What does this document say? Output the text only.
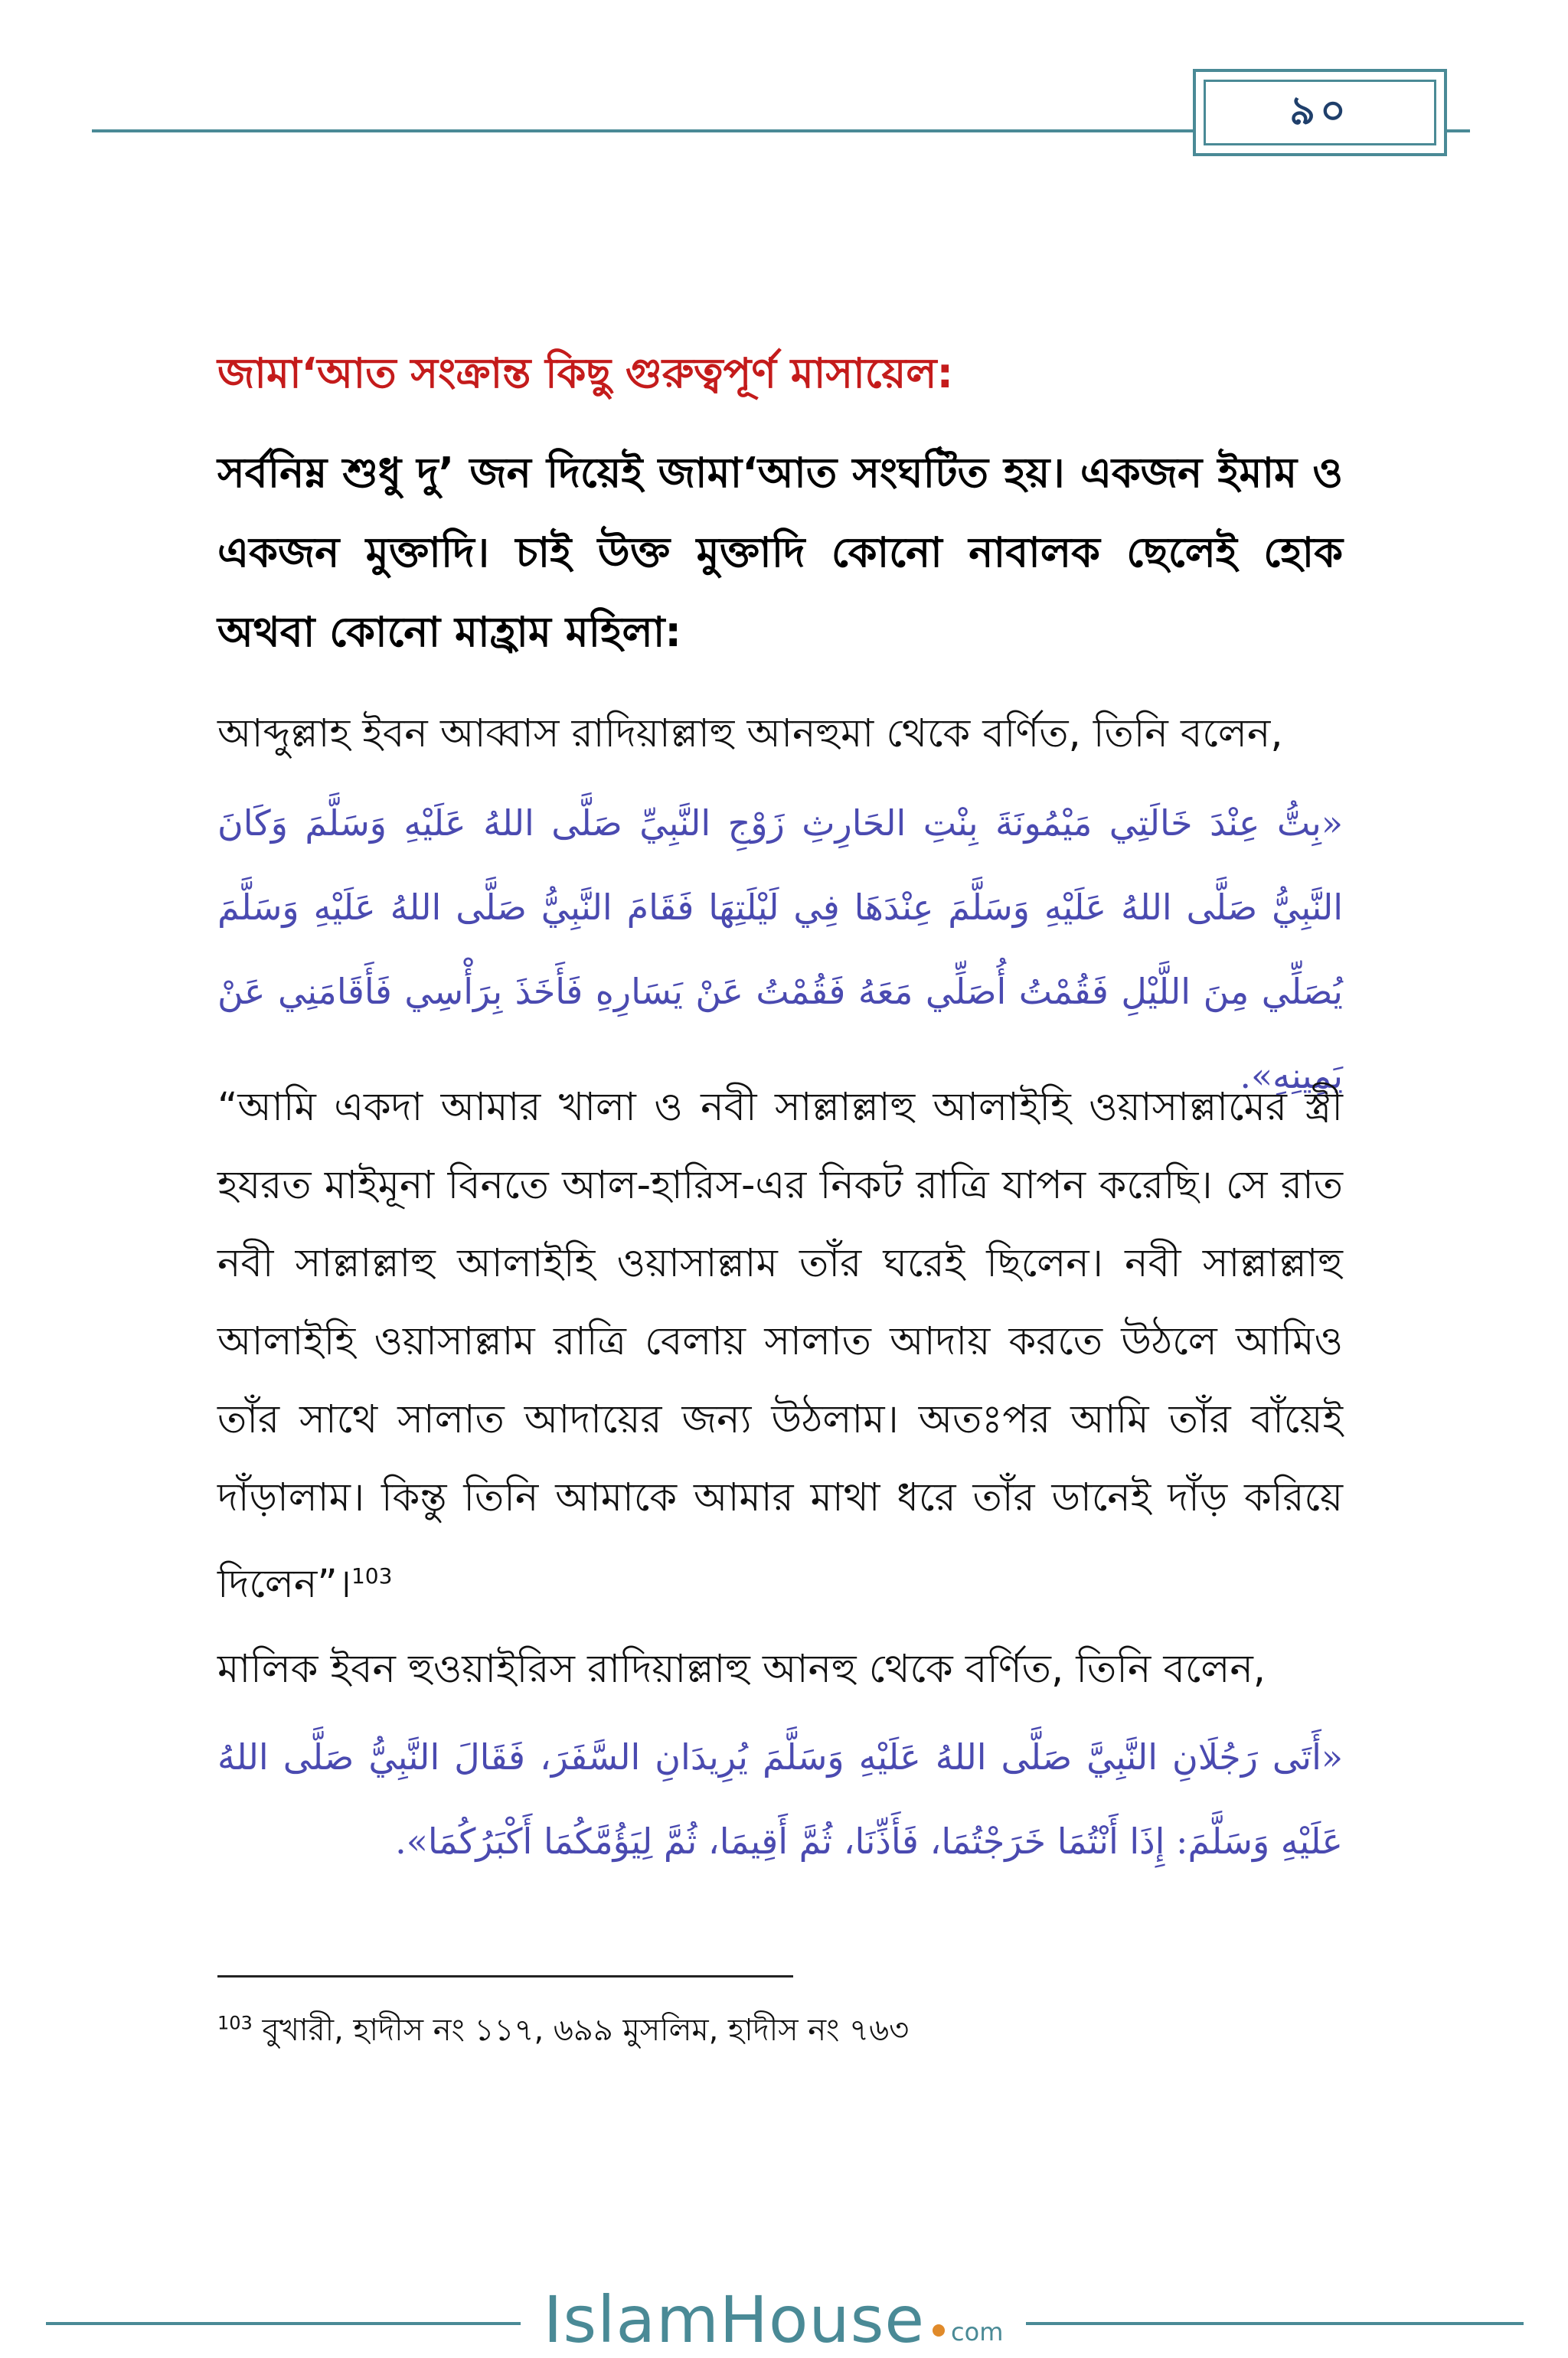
৯০
জামা‘আত সংক্রান্ত কিছু গুরুত্বপূর্ণ মাসায়েল:
সর্বনিম্ন শুধু দু’ জন দিয়েই জামা‘আত সংঘটিত হয়। একজন ইমাম ও একজন মুক্তাদি। চাই উক্ত মুক্তাদি কোনো নাবালক ছেলেই হোক অথবা কোনো মাহ্রাম মহিলা:
আব্দুল্লাহ ইবন আব্বাস রাদিয়াল্লাহু আনহুমা থেকে বর্ণিত, তিনি বলেন,
«بِتُّ عِنْدَ خَالَتِي مَيْمُونَةَ بِنْتِ الحَارِثِ زَوْجِ النَّبِيِّ صَلَّى اللهُ عَلَيْهِ وَسَلَّمَ وَكَانَ النَّبِيُّ صَلَّى اللهُ عَلَيْهِ وَسَلَّمَ عِنْدَهَا فِي لَيْلَتِهَا فَقَامَ النَّبِيُّ صَلَّى اللهُ عَلَيْهِ وَسَلَّمَ يُصَلِّي مِنَ اللَّيْلِ فَقُمْتُ أُصَلِّي مَعَهُ فَقُمْتُ عَنْ يَسَارِهِ فَأَخَذَ بِرَأْسِي فَأَقَامَنِي عَنْ يَمِينِهِ».
“আমি একদা আমার খালা ও নবী সাল্লাল্লাহু আলাইহি ওয়াসাল্লামের স্ত্রী হযরত মাইমূনা বিনতে আল-হারিস-এর নিকট রাত্রি যাপন করেছি। সে রাত নবী সাল্লাল্লাহু আলাইহি ওয়াসাল্লাম তাঁর ঘরেই ছিলেন। নবী সাল্লাল্লাহু আলাইহি ওয়াসাল্লাম রাত্রি বেলায় সালাত আদায় করতে উঠলে আমিও তাঁর সাথে সালাত আদায়ের জন্য উঠলাম। অতঃপর আমি তাঁর বাঁয়েই দাঁড়ালাম। কিন্তু তিনি আমাকে আমার মাথা ধরে তাঁর ডানেই দাঁড় করিয়ে দিলেন”।$^{103}$
মালিক ইবন হুওয়াইরিস রাদিয়াল্লাহু আনহু থেকে বর্ণিত, তিনি বলেন,
«أَتَى رَجُلَانِ النَّبِيَّ صَلَّى اللهُ عَلَيْهِ وَسَلَّمَ يُرِيدَانِ السَّفَرَ، فَقَالَ النَّبِيُّ صَلَّى اللهُ عَلَيْهِ وَسَلَّمَ: إِذَا أَنْتُمَا خَرَجْتُمَا، فَأَذِّنَا، ثُمَّ أَقِيمَا، ثُمَّ لِيَؤُمَّكُمَا أَكْبَرُكُمَا».
$^{103}$ বুখারী, হাদীস নং ১১৭, ৬৯৯ মুসলিম, হাদীস নং ৭৬৩
IslamHouse com
